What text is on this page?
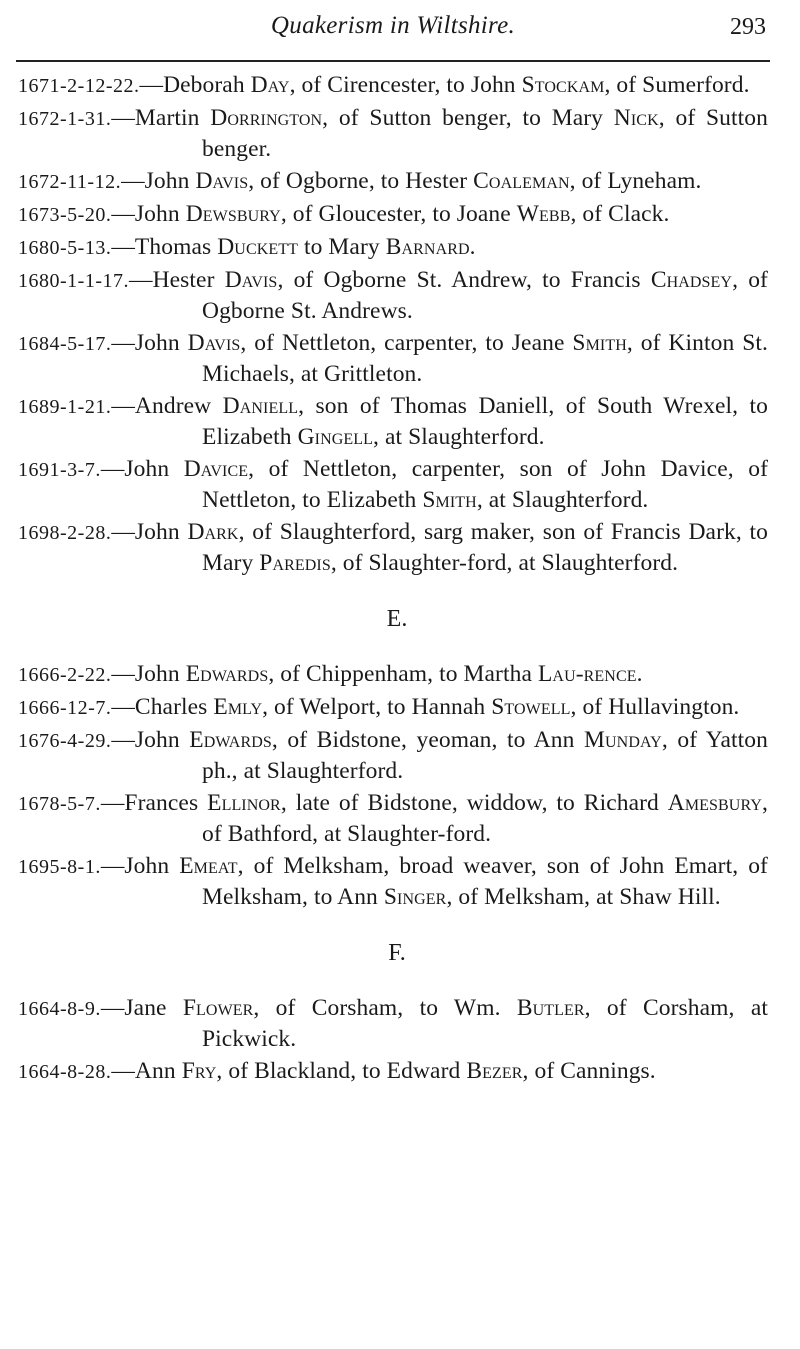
Quakerism in Wiltshire.	293
1671-2-12-22.—Deborah Day, of Cirencester, to John Stockam, of Sumerford.
1672-1-31.—Martin Dorrington, of Sutton benger, to Mary Nick, of Sutton benger.
1672-11-12.—John Davis, of Ogborne, to Hester Coaleman, of Lyneham.
1673-5-20.—John Dewsbury, of Gloucester, to Joane Webb, of Clack.
1680-5-13.—Thomas Duckett to Mary Barnard.
1680-1-1-17.—Hester Davis, of Ogborne St. Andrew, to Francis Chadsey, of Ogborne St. Andrews.
1684-5-17.—John Davis, of Nettleton, carpenter, to Jeane Smith, of Kinton St. Michaels, at Grittleton.
1689-1-21.—Andrew Daniell, son of Thomas Daniell, of South Wrexel, to Elizabeth Gingell, at Slaughterford.
1691-3-7.—John Davice, of Nettleton, carpenter, son of John Davice, of Nettleton, to Elizabeth Smith, at Slaughterford.
1698-2-28.—John Dark, of Slaughterford, sarg maker, son of Francis Dark, to Mary Paredis, of Slaughter-ford, at Slaughterford.
E.
1666-2-22.—John Edwards, of Chippenham, to Martha Lau-rence.
1666-12-7.—Charles Emly, of Welport, to Hannah Stowell, of Hullavington.
1676-4-29.—John Edwards, of Bidstone, yeoman, to Ann Munday, of Yatton ph., at Slaughterford.
1678-5-7.—Frances Ellinor, late of Bidstone, widdow, to Richard Amesbury, of Bathford, at Slaughter-ford.
1695-8-1.—John Emeat, of Melksham, broad weaver, son of John Emart, of Melksham, to Ann Singer, of Melksham, at Shaw Hill.
F.
1664-8-9.—Jane Flower, of Corsham, to Wm. Butler, of Corsham, at Pickwick.
1664-8-28.—Ann Fry, of Blackland, to Edward Bezer, of Cannings.
